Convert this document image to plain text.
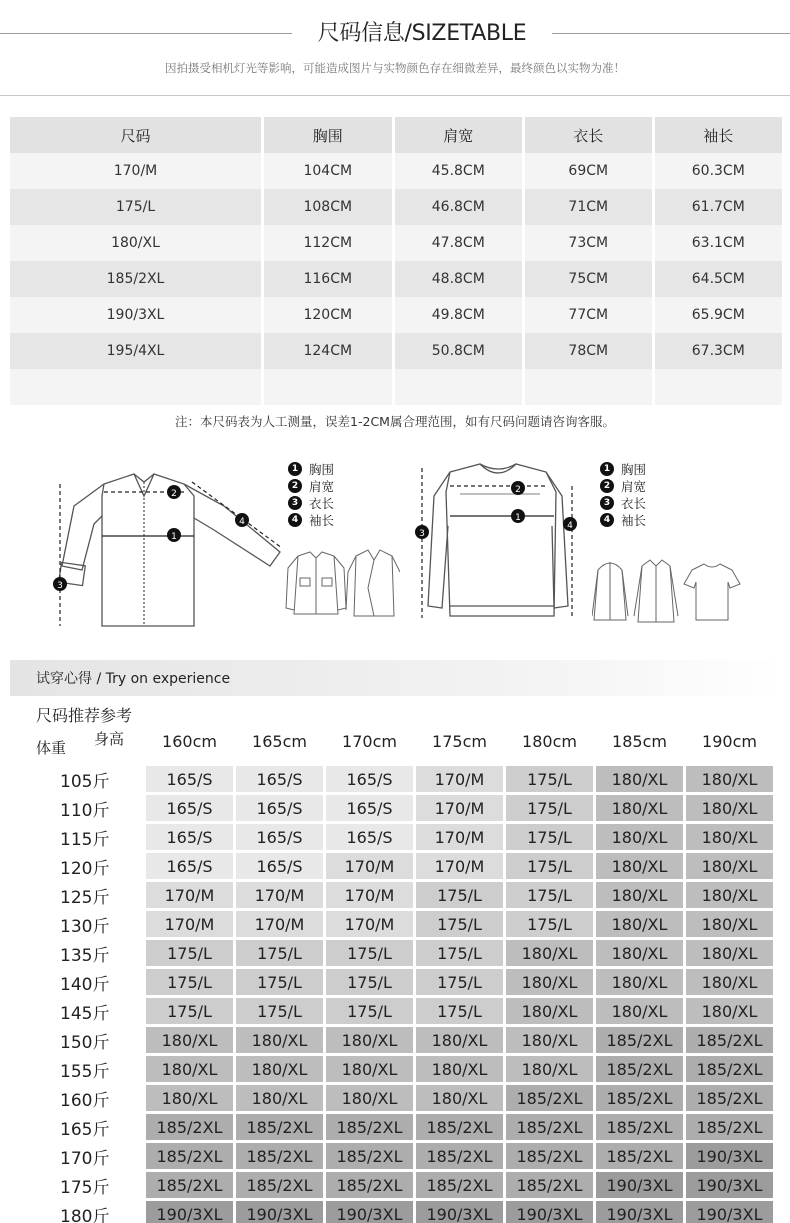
尺码信息/SIZETABLE
因拍摄受相机灯光等影响，可能造成图片与实物颜色存在细微差异，最终颜色以实物为准！
尺码	胸围	肩宽	衣长	袖长
170/M	104CM	45.8CM	69CM	60.3CM
175/L	108CM	46.8CM	71CM	61.7CM
180/XL	112CM	47.8CM	73CM	63.1CM
185/2XL	116CM	48.8CM	75CM	64.5CM
190/3XL	120CM	49.8CM	77CM	65.9CM
195/4XL	124CM	50.8CM	78CM	67.3CM
注：本尺码表为人工测量，误差1-2CM属合理范围，如有尺码问题请咨询客服。
1
2
3
4
1 胸围
2 肩宽
3 衣长
4 袖长	1
2
3
4
1 胸围
2 肩宽
3 衣长
4 袖长
试穿心得 / Try on experience
尺码推荐参考
身高
体重	160cm	165cm	170cm	175cm	180cm	185cm	190cm
105斤	165/S	165/S	165/S	170/M	175/L	180/XL	180/XL
110斤	165/S	165/S	165/S	170/M	175/L	180/XL	180/XL
115斤	165/S	165/S	165/S	170/M	175/L	180/XL	180/XL
120斤	165/S	165/S	170/M	170/M	175/L	180/XL	180/XL
125斤	170/M	170/M	170/M	175/L	175/L	180/XL	180/XL
130斤	170/M	170/M	170/M	175/L	175/L	180/XL	180/XL
135斤	175/L	175/L	175/L	175/L	180/XL	180/XL	180/XL
140斤	175/L	175/L	175/L	175/L	180/XL	180/XL	180/XL
145斤	175/L	175/L	175/L	175/L	180/XL	180/XL	180/XL
150斤	180/XL	180/XL	180/XL	180/XL	180/XL	185/2XL	185/2XL
155斤	180/XL	180/XL	180/XL	180/XL	180/XL	185/2XL	185/2XL
160斤	180/XL	180/XL	180/XL	180/XL	185/2XL	185/2XL	185/2XL
165斤	185/2XL	185/2XL	185/2XL	185/2XL	185/2XL	185/2XL	185/2XL
170斤	185/2XL	185/2XL	185/2XL	185/2XL	185/2XL	185/2XL	190/3XL
175斤	185/2XL	185/2XL	185/2XL	185/2XL	185/2XL	190/3XL	190/3XL
180斤	190/3XL	190/3XL	190/3XL	190/3XL	190/3XL	190/3XL	190/3XL
